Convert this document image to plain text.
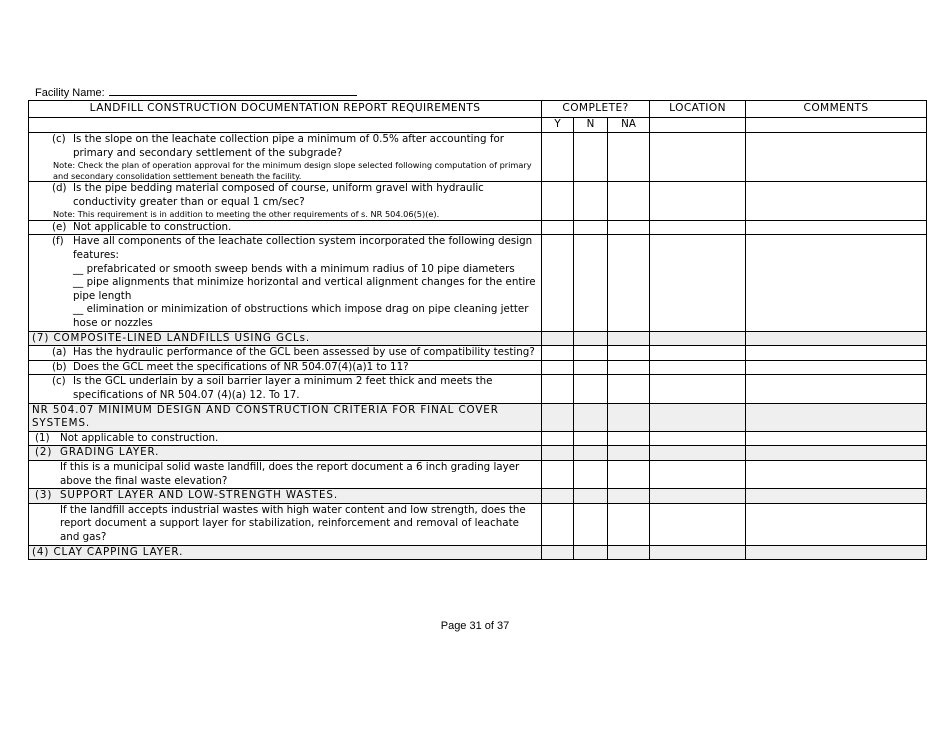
Facility Name:
LANDFILL CONSTRUCTION DOCUMENTATION REPORT REQUIREMENTS	COMPLETE?			LOCATION	COMMENTS
	Y	N	NA		
(c) Is the slope on the leachate collection pipe a minimum of 0.5% after accounting for primary and secondary settlement of the subgrade?
Note: Check the plan of operation approval for the minimum design slope selected following computation of primary and secondary consolidation settlement beneath the facility.					

(d) Is the pipe bedding material composed of course, uniform gravel with hydraulic conductivity greater than or equal 1 cm/sec?
Note: This requirement is in addition to meeting the other requirements of s. NR 504.06(5)(e).					

(e) Not applicable to construction.					
(f) Have all components of the leachate collection system incorporated the following design features:
__ prefabricated or smooth sweep bends with a minimum radius of 10 pipe diameters
__ pipe alignments that minimize horizontal and vertical alignment changes for the entire pipe length
__ elimination or minimization of obstructions which impose drag on pipe cleaning jetter hose or nozzles					

(7) COMPOSITE-LINED LANDFILLS USING GCLs.					
(a) Has the hydraulic performance of the GCL been assessed by use of compatibility testing?					
(b) Does the GCL meet the specifications of NR 504.07(4)(a)1 to 11?					
(c) Is the GCL underlain by a soil barrier layer a minimum 2 feet thick and meets the specifications of NR 504.07 (4)(a) 12. To 17.					
NR 504.07 MINIMUM DESIGN AND CONSTRUCTION CRITERIA FOR FINAL COVER SYSTEMS.					
(1) Not applicable to construction.					
(2) GRADING LAYER.					
If this is a municipal solid waste landfill, does the report document a 6 inch grading layer above the final waste elevation?					
(3) SUPPORT LAYER AND LOW-STRENGTH WASTES.					
If the landfill accepts industrial wastes with high water content and low strength, does the report document a support layer for stabilization, reinforcement and removal of leachate and gas?					
(4) CLAY CAPPING LAYER.					
Page 31 of 37
